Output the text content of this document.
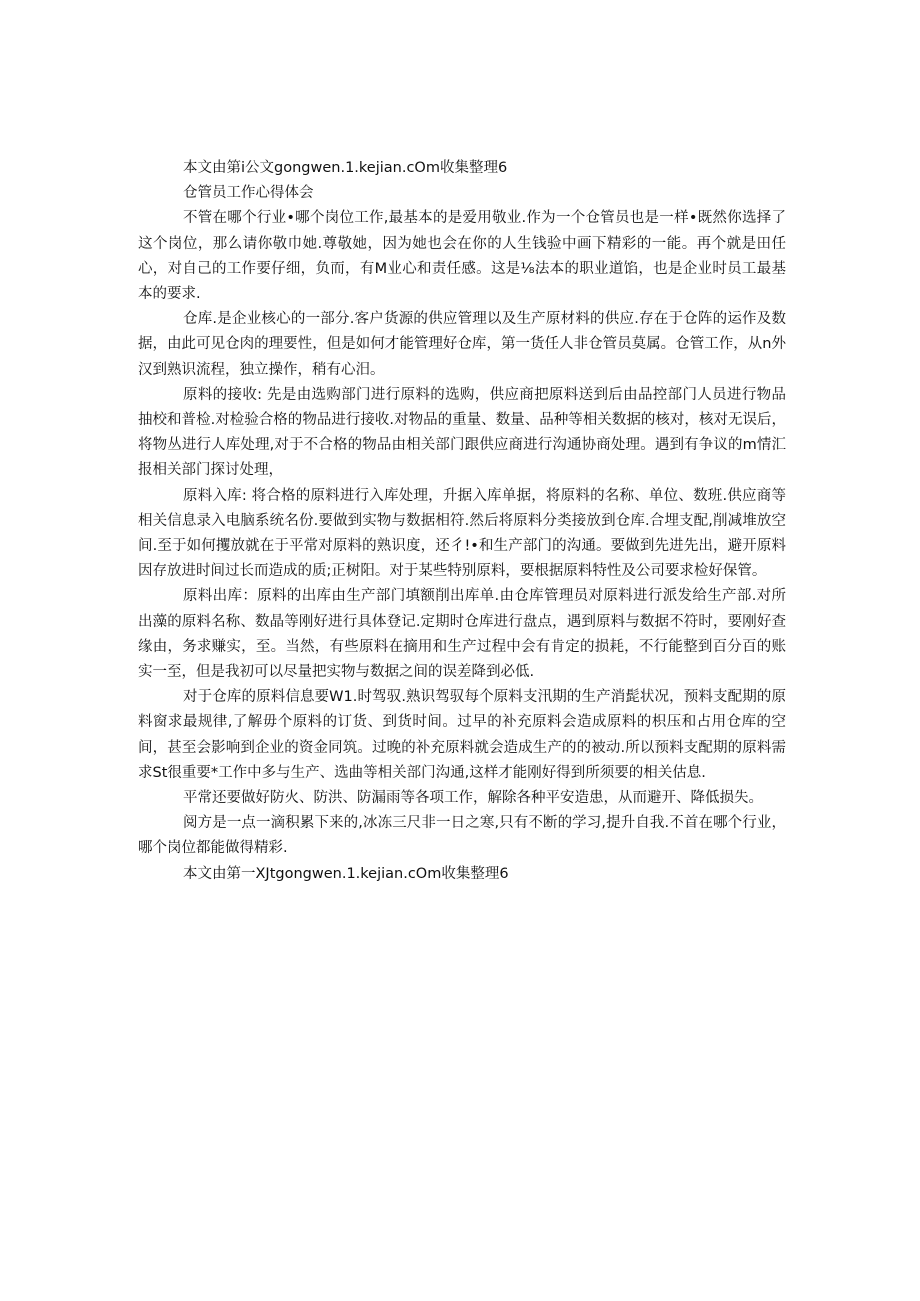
本文由第i公文gongwen.1.kejian.cOm收集整理6
仓管员工作心得体会
不管在哪个行业•哪个岗位工作,最基本的是爱用敬业.作为一个仓管员也是一样•既然你选择了这个岗位，那么请你敬巾她.尊敬她，因为她也会在你的人生钱验中画下精彩的一能。再个就是田任心，对自己的工作要仔细，负而，有M业心和责任感。这是⅛法本的职业道馅，也是企业时员工最基本的要求.
仓库.是企业核心的一部分.客户货源的供应管理以及生产原材料的供应.存在于仓阵的运作及数据，由此可见仓肉的理要性，但是如何才能管理好仓库，第一货任人非仓管员莫属。仓管工作，从n外汉到熟识流程，独立操作，稍有心汨。
原料的接收: 先是由选购部门进行原料的选购，供应商把原料送到后由品控部门人员进行物品抽校和普检.对检验合格的物品进行接收.对物品的重量、数量、品种等相关数据的核对，核对无误后，将物丛进行人库处理,对于不合格的物品由相关部门跟供应商进行沟通协商处理。遇到有争议的m情汇报相关部门探讨处理，
原料入库: 将合格的原料进行入库处理，升据入库单据，将原料的名称、单位、数班.供应商等相关信息录入电脑系统名份.要做到实物与数据相符.然后将原料分类接放到仓库.合埋支配,削减堆放空间.至于如何攫放就在于平常对原料的熟识度，还彳!•和生产部门的沟通。要做到先进先出，避开原料因存放进时间过长而造成的质;正树阳。对于某些特别原料，要根据原料特性及公司要求检好保管。
原料出库：原料的出库由生产部门填额削出库单.由仓库管理员对原料进行派发给生产部.对所出藻的原料名称、数晶等刚好进行具体登记.定期时仓库进行盘点，遇到原料与数据不符时，要刚好查缘由，务求赚实，至。当然，有些原料在摘用和生产过程中会有肯定的损耗，不行能整到百分百的账实一至，但是我初可以尽量把实物与数据之间的误差降到必低.
对于仓库的原料信息要W1.时驾驭.熟识驾驭每个原料支汛期的生产消髭状况，预料支配期的原料窗求最规律,了解毋个原料的订货、到货时间。过早的补充原料会造成原料的枳压和占用仓库的空间，甚至会影响到企业的资金同筑。过晚的补充原料就会造成生产的的被动.所以预料支配期的原料需求St很重要*工作中多与生产、选曲等相关部门沟通,这样才能刚好得到所须要的相关估息.
平常还要做好防火、防洪、防漏雨等各项工作，解除各种平安造患，从而避开、降低损失。
阅方是一点一滴积累下来的,冰冻三尺非一日之寒,只有不断的学习,提升自我.不首在哪个行业，哪个岗位都能做得精彩.
本文由第一XJtgongwen.1.kejian.cOm收集整理6
